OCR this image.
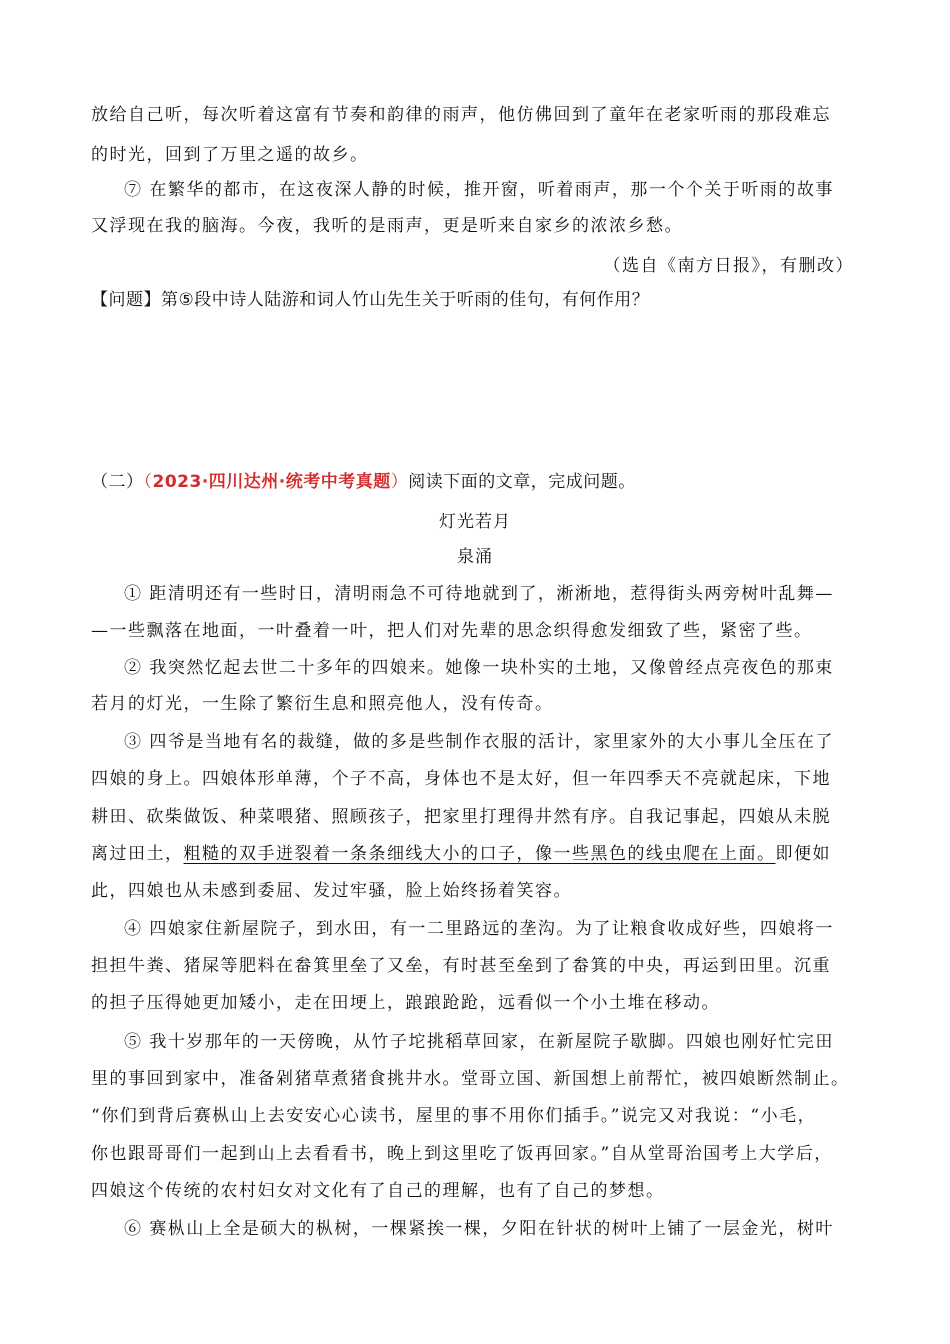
放给自己听，每次听着这富有节奏和韵律的雨声，他仿佛回到了童年在老家听雨的那段难忘
的时光，回到了万里之遥的故乡。
⑦ 在繁华的都市，在这夜深人静的时候，推开窗，听着雨声，那一个个关于听雨的故事
又浮现在我的脑海。今夜，我听的是雨声，更是听来自家乡的浓浓乡愁。
（选自《南方日报》，有删改）
【问题】第⑤段中诗人陆游和词人竹山先生关于听雨的佳句，有何作用？
（二）（2023·四川达州·统考中考真题）阅读下面的文章，完成问题。
灯光若月
泉涌
① 距清明还有一些时日，清明雨急不可待地就到了，淅淅地，惹得街头两旁树叶乱舞—
—一些飘落在地面，一叶叠着一叶，把人们对先辈的思念织得愈发细致了些，紧密了些。
② 我突然忆起去世二十多年的四娘来。她像一块朴实的土地，又像曾经点亮夜色的那束
若月的灯光，一生除了繁衍生息和照亮他人，没有传奇。
③ 四爷是当地有名的裁缝，做的多是些制作衣服的活计，家里家外的大小事儿全压在了
四娘的身上。四娘体形单薄，个子不高，身体也不是太好，但一年四季天不亮就起床，下地
耕田、砍柴做饭、种菜喂猪、照顾孩子，把家里打理得井然有序。自我记事起，四娘从未脱
离过田土，粗糙的双手迸裂着一条条细线大小的口子，像一些黑色的线虫爬在上面。即便如
此，四娘也从未感到委屈、发过牢骚，脸上始终扬着笑容。
④ 四娘家住新屋院子，到水田，有一二里路远的垄沟。为了让粮食收成好些，四娘将一
担担牛粪、猪屎等肥料在畚箕里垒了又垒，有时甚至垒到了畚箕的中央，再运到田里。沉重
的担子压得她更加矮小，走在田埂上，踉踉跄跄，远看似一个小土堆在移动。
⑤ 我十岁那年的一天傍晚，从竹子坨挑稻草回家，在新屋院子歇脚。四娘也刚好忙完田
里的事回到家中，准备剁猪草煮猪食挑井水。堂哥立国、新国想上前帮忙，被四娘断然制止。
“你们到背后赛枞山上去安安心心读书，屋里的事不用你们插手。”说完又对我说：“小毛，
你也跟哥哥们一起到山上去看看书，晚上到这里吃了饭再回家。”自从堂哥治国考上大学后，
四娘这个传统的农村妇女对文化有了自己的理解，也有了自己的梦想。
⑥ 赛枞山上全是硕大的枞树，一棵紧挨一棵，夕阳在针状的树叶上铺了一层金光，树叶
